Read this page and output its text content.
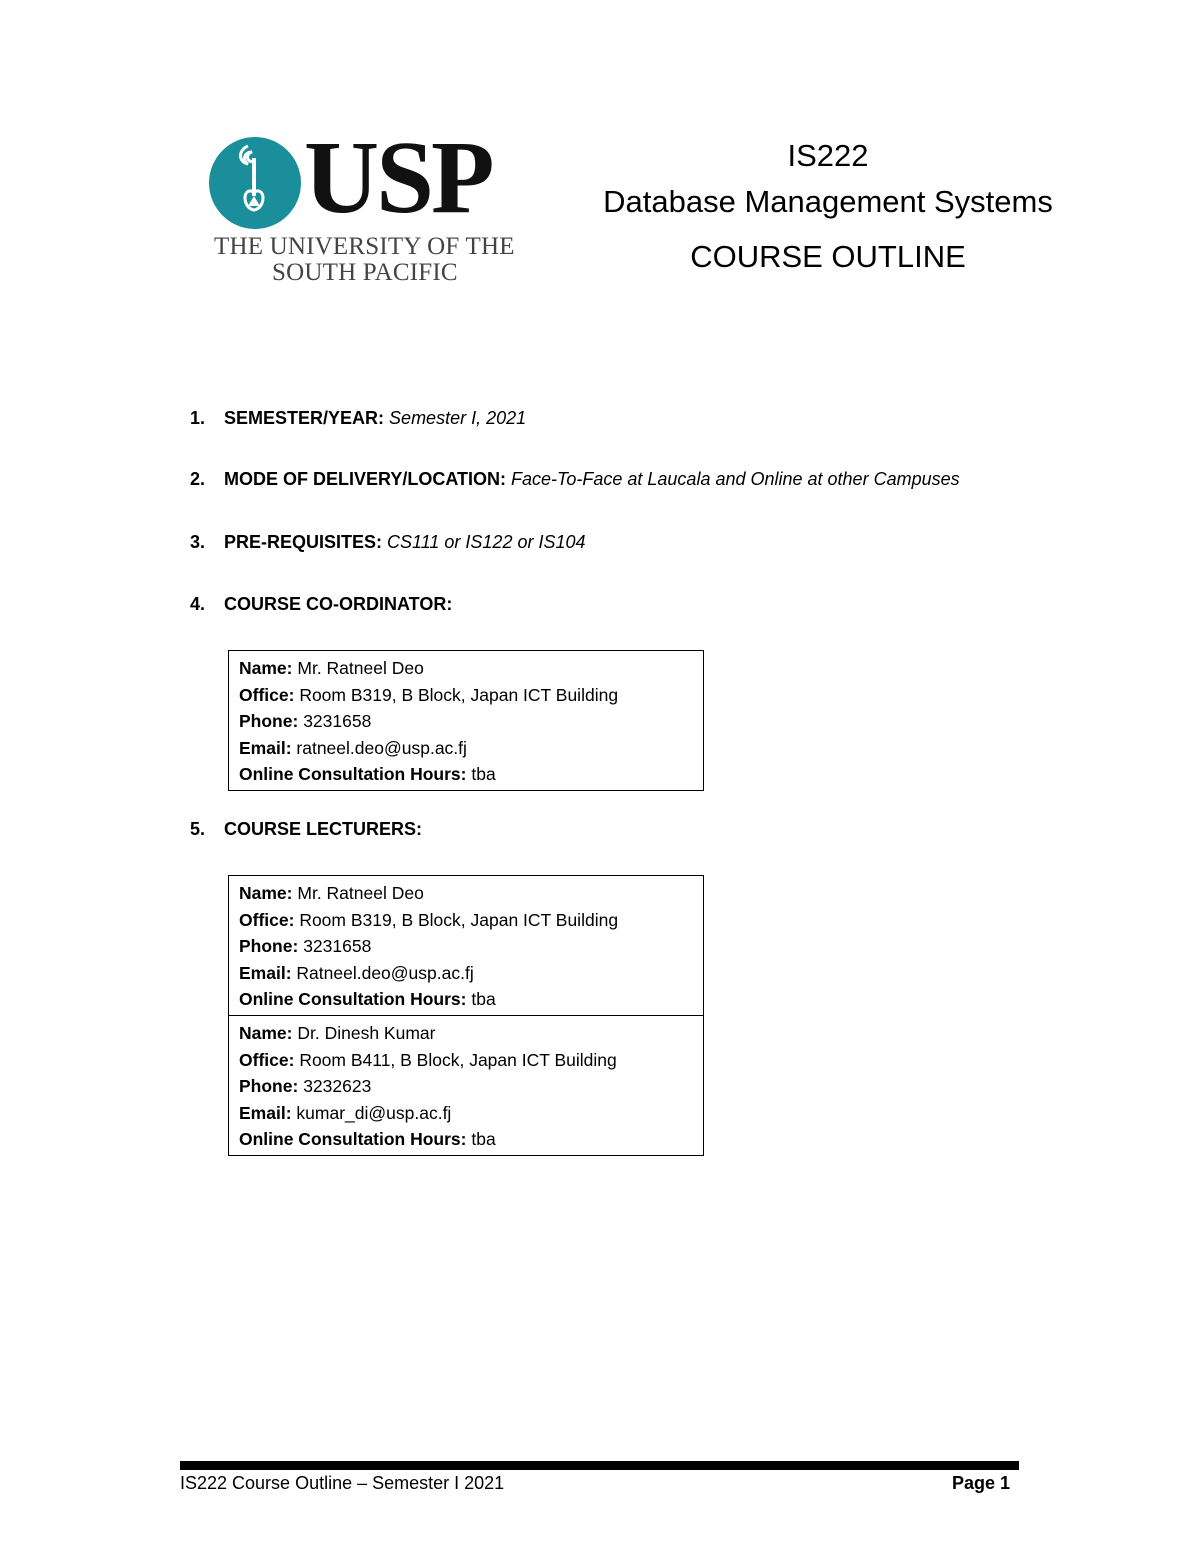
USP
THE UNIVERSITY OF THE
SOUTH PACIFIC
IS222
Database Management Systems
COURSE OUTLINE
1. SEMESTER/YEAR: Semester I, 2021
2. MODE OF DELIVERY/LOCATION: Face-To-Face at Laucala and Online at other Campuses
3. PRE-REQUISITES: CS111 or IS122 or IS104
4. COURSE CO-ORDINATOR:
Name: Mr. Ratneel Deo
Office: Room B319, B Block, Japan ICT Building
Phone: 3231658
Email: ratneel.deo@usp.ac.fj
Online Consultation Hours: tba
5. COURSE LECTURERS:
Name: Mr. Ratneel Deo
Office: Room B319, B Block, Japan ICT Building
Phone: 3231658
Email: Ratneel.deo@usp.ac.fj
Online Consultation Hours: tba
Name: Dr. Dinesh Kumar
Office: Room B411, B Block, Japan ICT Building
Phone: 3232623
Email: kumar_di@usp.ac.fj
Online Consultation Hours: tba
IS222 Course Outline – Semester I 2021	Page 1
